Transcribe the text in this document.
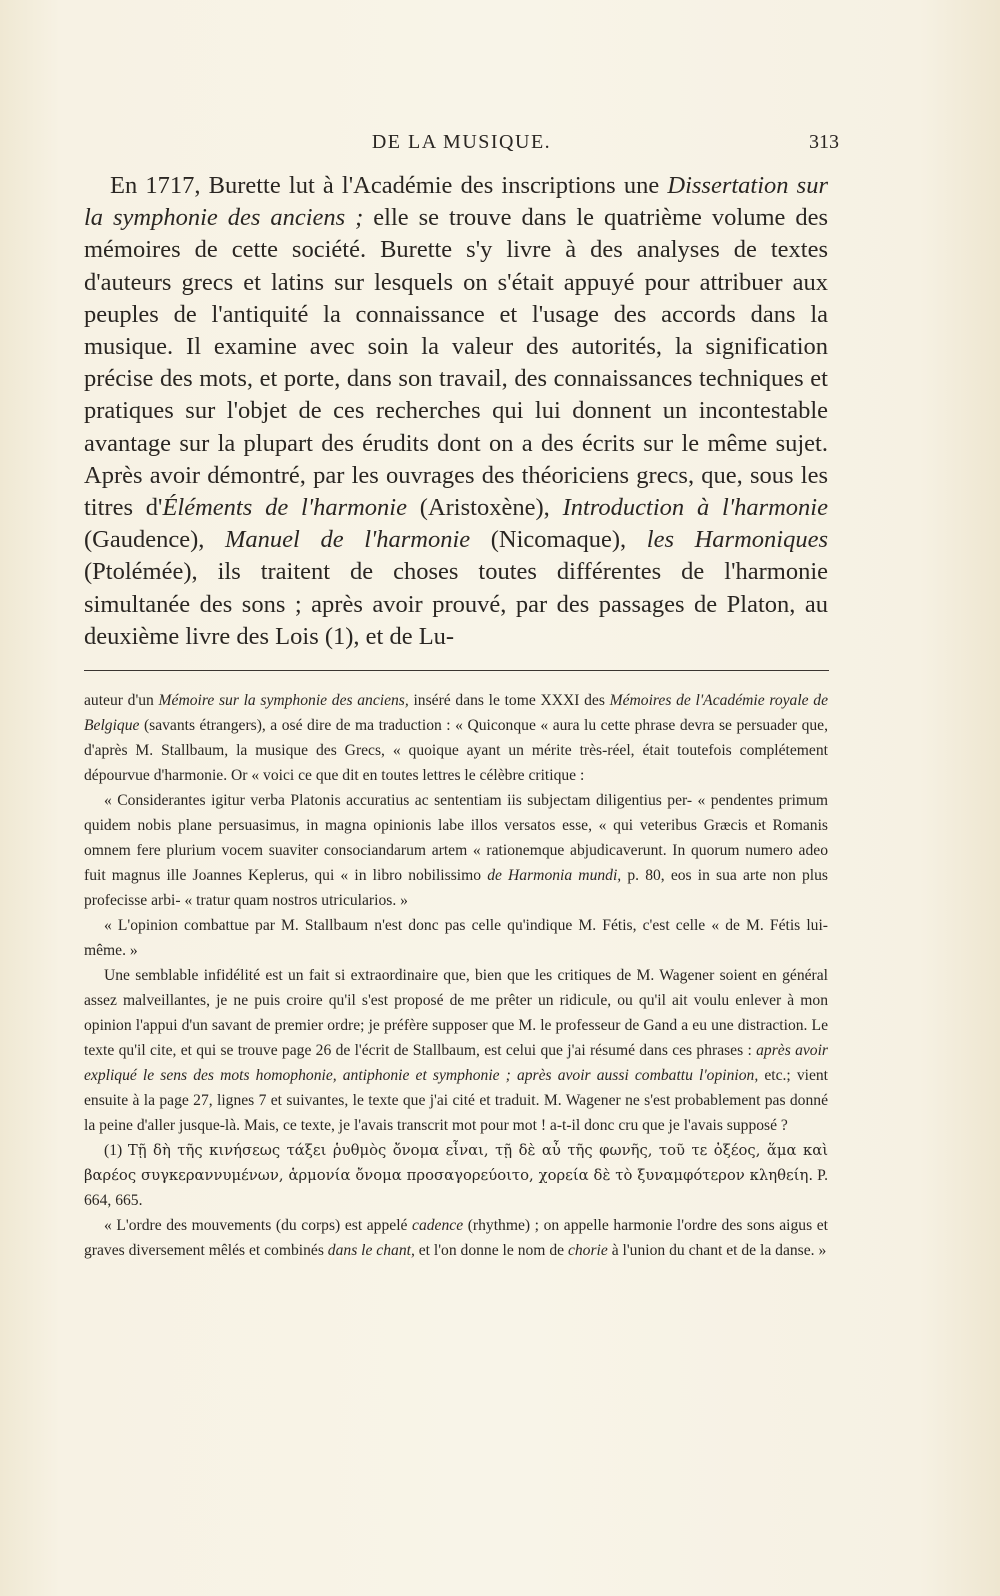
DE LA MUSIQUE.	313

En 1717, Burette lut à l'Académie des inscriptions une Dissertation sur la symphonie des anciens ; elle se trouve dans le quatrième volume des mémoires de cette société. Burette s'y livre à des analyses de textes d'auteurs grecs et latins sur lesquels on s'était appuyé pour attribuer aux peuples de l'antiquité la connaissance et l'usage des accords dans la musique. Il examine avec soin la valeur des autorités, la signification précise des mots, et porte, dans son travail, des connaissances techniques et pratiques sur l'objet de ces recherches qui lui donnent un incontestable avantage sur la plupart des érudits dont on a des écrits sur le même sujet. Après avoir démontré, par les ouvrages des théoriciens grecs, que, sous les titres d'Éléments de l'harmonie (Aristoxène), Introduction à l'harmonie (Gaudence), Manuel de l'harmonie (Nicomaque), les Harmoniques (Ptolémée), ils traitent de choses toutes différentes de l'harmonie simultanée des sons ; après avoir prouvé, par des passages de Platon, au deuxième livre des Lois (1), et de Lu-

auteur d'un Mémoire sur la symphonie des anciens, inséré dans le tome XXXI des Mémoires de l'Académie royale de Belgique (savants étrangers), a osé dire de ma traduction : « Quiconque « aura lu cette phrase devra se persuader que, d'après M. Stallbaum, la musique des Grecs, « quoique ayant un mérite très-réel, était toutefois complétement dépourvue d'harmonie. Or « voici ce que dit en toutes lettres le célèbre critique :

« Considerantes igitur verba Platonis accuratius ac sententiam iis subjectam diligentius per- « pendentes primum quidem nobis plane persuasimus, in magna opinionis labe illos versatos esse, « qui veteribus Græcis et Romanis omnem fere plurium vocem suaviter consociandarum artem « rationemque abjudicaverunt. In quorum numero adeo fuit magnus ille Joannes Keplerus, qui « in libro nobilissimo de Harmonia mundi, p. 80, eos in sua arte non plus profecisse arbi- « tratur quam nostros utricularios. »

« L'opinion combattue par M. Stallbaum n'est donc pas celle qu'indique M. Fétis, c'est celle « de M. Fétis lui-même. »

Une semblable infidélité est un fait si extraordinaire que, bien que les critiques de M. Wagener soient en général assez malveillantes, je ne puis croire qu'il s'est proposé de me prêter un ridicule, ou qu'il ait voulu enlever à mon opinion l'appui d'un savant de premier ordre; je préfère supposer que M. le professeur de Gand a eu une distraction. Le texte qu'il cite, et qui se trouve page 26 de l'écrit de Stallbaum, est celui que j'ai résumé dans ces phrases : après avoir expliqué le sens des mots homophonie, antiphonie et symphonie ; après avoir aussi combattu l'opinion, etc.; vient ensuite à la page 27, lignes 7 et suivantes, le texte que j'ai cité et traduit. M. Wagener ne s'est probablement pas donné la peine d'aller jusque-là. Mais, ce texte, je l'avais transcrit mot pour mot ! a-t-il donc cru que je l'avais supposé ?

(1) Τῇ δὴ τῆς κινήσεως τάξει ῥυθμὸς ὄνομα εἶναι, τῇ δὲ αὖ τῆς φωνῆς, τοῦ τε ὀξέος, ἅμα καὶ βαρέος συγκεραννυμένων, ἁρμονία ὄνομα προσαγορεύοιτο, χορεία δὲ τὸ ξυναμφότερον κληθείη. P. 664, 665.

« L'ordre des mouvements (du corps) est appelé cadence (rhythme) ; on appelle harmonie l'ordre des sons aigus et graves diversement mêlés et combinés dans le chant, et l'on donne le nom de chorie à l'union du chant et de la danse. »
